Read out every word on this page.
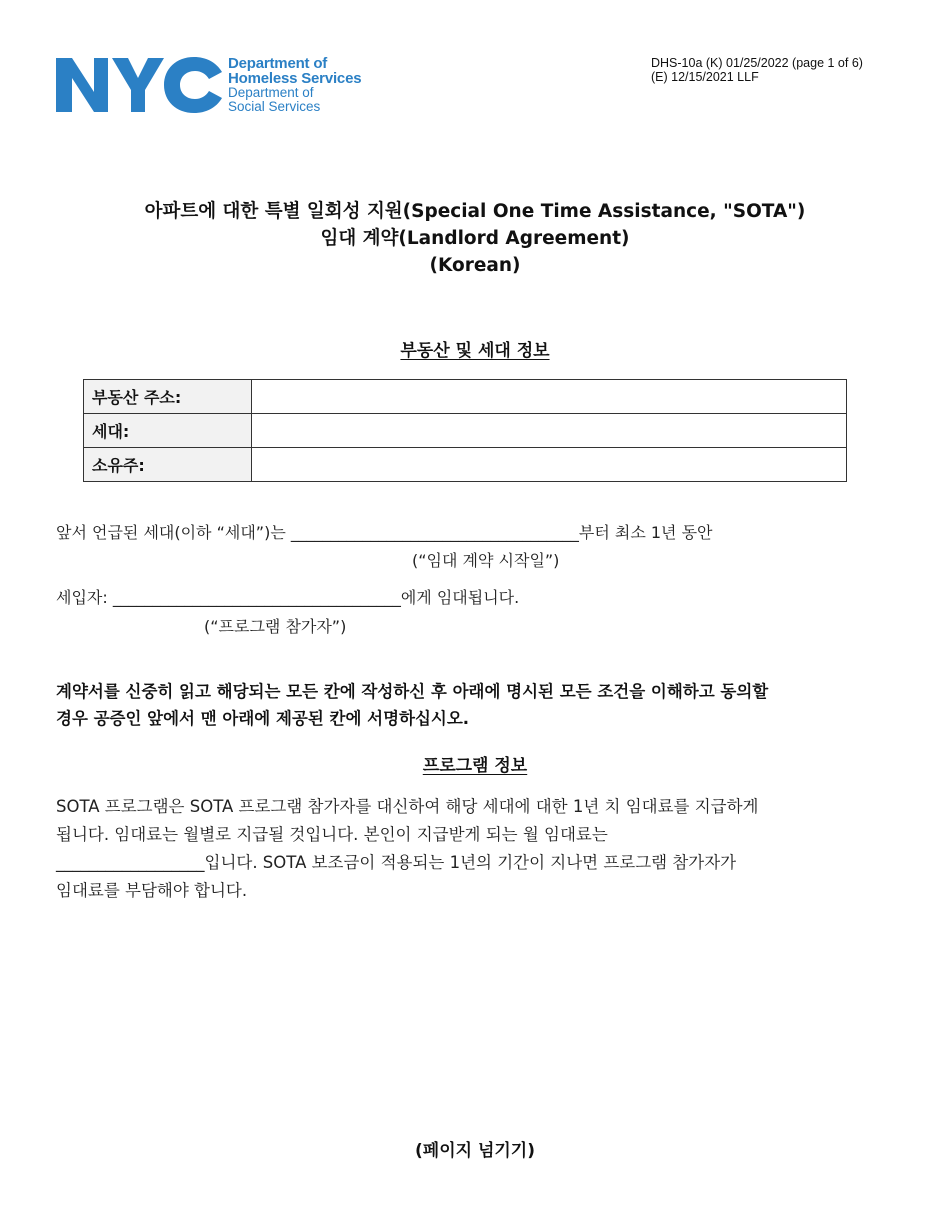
Department of
Homeless Services
Department of
Social Services
DHS-10a (K) 01/25/2022 (page 1 of 6)
(E) 12/15/2021 LLF
아파트에 대한 특별 일회성 지원(Special One Time Assistance, "SOTA")
임대 계약(Landlord Agreement)
(Korean)
부동산 및 세대 정보
부동산 주소:	
세대:	
소유주:	
앞서 언급된 세대(이하 “세대”)는 ____________________________________부터 최소 1년 동안
(“임대 계약 시작일”)
세입자: ____________________________________에게 임대됩니다.
(“프로그램 참가자”)
계약서를 신중히 읽고 해당되는 모든 칸에 작성하신 후 아래에 명시된 모든 조건을 이해하고 동의할
경우 공증인 앞에서 맨 아래에 제공된 칸에 서명하십시오.
프로그램 정보
SOTA 프로그램은 SOTA 프로그램 참가자를 대신하여 해당 세대에 대한 1년 치 임대료를 지급하게
됩니다. 임대료는 월별로 지급될 것입니다. 본인이 지급받게 되는 월 임대료는
__________________입니다. SOTA 보조금이 적용되는 1년의 기간이 지나면 프로그램 참가자가
임대료를 부담해야 합니다.
(페이지 넘기기)
